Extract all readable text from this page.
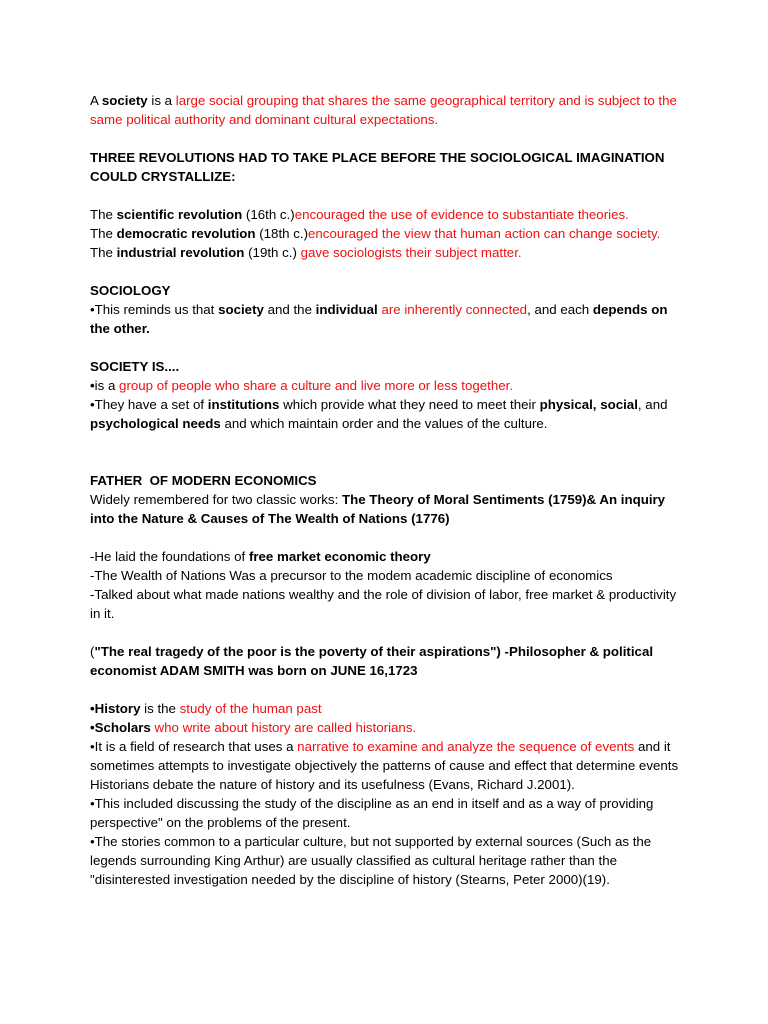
A society is a large social grouping that shares the same geographical territory and is subject to the same political authority and dominant cultural expectations.

THREE REVOLUTIONS HAD TO TAKE PLACE BEFORE THE SOCIOLOGICAL IMAGINATION COULD CRYSTALLIZE:

The scientific revolution (16th c.)encouraged the use of evidence to substantiate theories.

The democratic revolution (18th c.)encouraged the view that human action can change society.

The industrial revolution (19th c.) gave sociologists their subject matter.

SOCIOLOGY

•This reminds us that society and the individual are inherently connected, and each depends on the other.

SOCIETY IS....

•is a group of people who share a culture and live more or less together.

•They have a set of institutions which provide what they need to meet their physical, social, and psychological needs and which maintain order and the values of the culture.

FATHER  OF MODERN ECONOMICS

Widely remembered for two classic works: The Theory of Moral Sentiments (1759)& An inquiry into the Nature & Causes of The Wealth of Nations (1776)

-He laid the foundations of free market economic theory

-The Wealth of Nations Was a precursor to the modem academic discipline of economics

-Talked about what made nations wealthy and the role of division of labor, free market & productivity in it.

("The real tragedy of the poor is the poverty of their aspirations") -Philosopher & political economist ADAM SMITH was born on JUNE 16,1723

•History is the study of the human past

•Scholars who write about history are called historians.

•It is a field of research that uses a narrative to examine and analyze the sequence of events and it sometimes attempts to investigate objectively the patterns of cause and effect that determine events Historians debate the nature of history and its usefulness (Evans, Richard J.2001).

•This included discussing the study of the discipline as an end in itself and as a way of providing perspective" on the problems of the present.

•The stories common to a particular culture, but not supported by external sources (Such as the legends surrounding King Arthur) are usually classified as cultural heritage rather than the "disinterested investigation needed by the discipline of history (Stearns, Peter 2000)(19).
